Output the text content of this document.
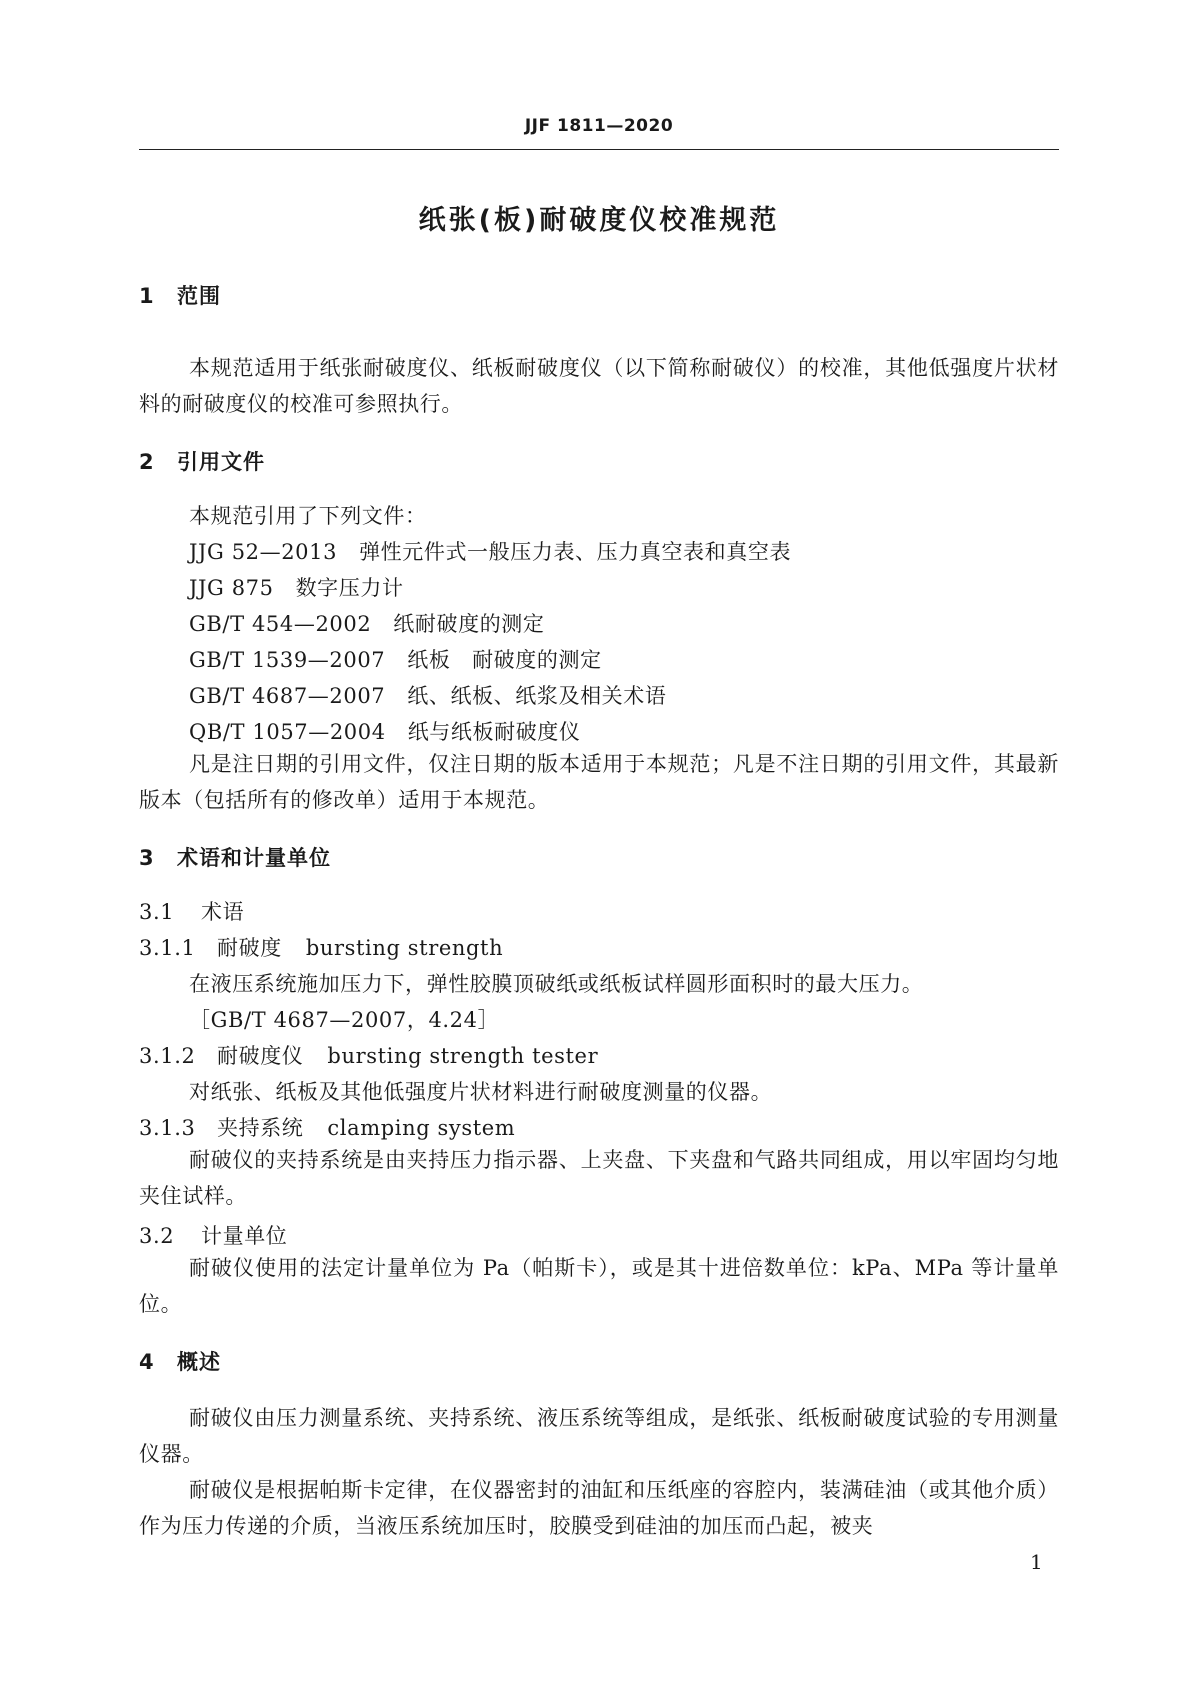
JJF 1811—2020
纸张(板)耐破度仪校准规范
1 范围
本规范适用于纸张耐破度仪、纸板耐破度仪（以下简称耐破仪）的校准，其他低强度片状材料的耐破度仪的校准可参照执行。
2 引用文件
本规范引用了下列文件：
JJG 52—2013 弹性元件式一般压力表、压力真空表和真空表
JJG 875 数字压力计
GB/T 454—2002 纸耐破度的测定
GB/T 1539—2007 纸板　耐破度的测定
GB/T 4687—2007 纸、纸板、纸浆及相关术语
QB/T 1057—2004 纸与纸板耐破度仪
凡是注日期的引用文件，仅注日期的版本适用于本规范；凡是不注日期的引用文件，其最新版本（包括所有的修改单）适用于本规范。
3 术语和计量单位
3.1 术语
3.1.1 耐破度 bursting strength
在液压系统施加压力下，弹性胶膜顶破纸或纸板试样圆形面积时的最大压力。
［GB/T 4687—2007，4.24］
3.1.2 耐破度仪 bursting strength tester
对纸张、纸板及其他低强度片状材料进行耐破度测量的仪器。
3.1.3 夹持系统 clamping system
耐破仪的夹持系统是由夹持压力指示器、上夹盘、下夹盘和气路共同组成，用以牢固均匀地夹住试样。
3.2 计量单位
耐破仪使用的法定计量单位为 Pa（帕斯卡），或是其十进倍数单位：kPa、MPa 等计量单位。
4 概述
耐破仪由压力测量系统、夹持系统、液压系统等组成，是纸张、纸板耐破度试验的专用测量仪器。
耐破仪是根据帕斯卡定律，在仪器密封的油缸和压纸座的容腔内，装满硅油（或其他介质）作为压力传递的介质，当液压系统加压时，胶膜受到硅油的加压而凸起，被夹
1
